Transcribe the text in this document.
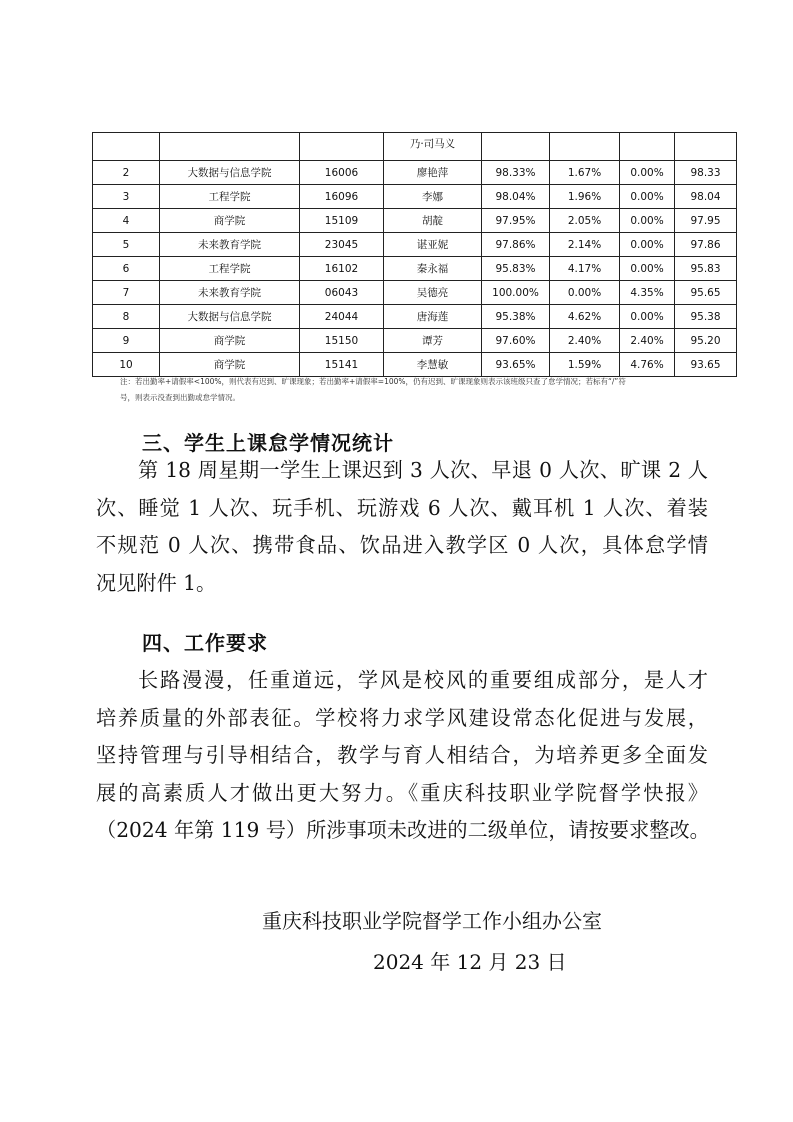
			乃·司马义				
2	大数据与信息学院	16006	廖艳萍	98.33%	1.67%	0.00%	98.33
3	工程学院	16096	李娜	98.04%	1.96%	0.00%	98.04
4	商学院	15109	胡靛	97.95%	2.05%	0.00%	97.95
5	未来教育学院	23045	谌亚妮	97.86%	2.14%	0.00%	97.86
6	工程学院	16102	秦永福	95.83%	4.17%	0.00%	95.83
7	未来教育学院	06043	吴德亮	100.00%	0.00%	4.35%	95.65
8	大数据与信息学院	24044	唐海莲	95.38%	4.62%	0.00%	95.38
9	商学院	15150	谭芳	97.60%	2.40%	2.40%	95.20
10	商学院	15141	李慧敏	93.65%	1.59%	4.76%	93.65
注：若出勤率+请假率<100%，则代表有迟到、旷课现象；若出勤率+请假率=100%，仍有迟到、旷课现象则表示该班级只查了怠学情况；若标有“/”符
号，则表示没查到出勤或怠学情况。
三、学生上课怠学情况统计

第 18 周星期一学生上课迟到 3 人次、早退 0 人次、旷课 2 人

次、睡觉 1 人次、玩手机、玩游戏 6 人次、戴耳机 1 人次、着装

不规范 0 人次、携带食品、饮品进入教学区 0 人次，具体怠学情

况见附件 1。

四、工作要求

长路漫漫，任重道远，学风是校风的重要组成部分，是人才

培养质量的外部表征。学校将力求学风建设常态化促进与发展，

坚持管理与引导相结合，教学与育人相结合，为培养更多全面发

展的高素质人才做出更大努力。《重庆科技职业学院督学快报》

（2024 年第 119 号）所涉事项未改进的二级单位，请按要求整改。

重庆科技职业学院督学工作小组办公室
2024 年 12 月 23 日
